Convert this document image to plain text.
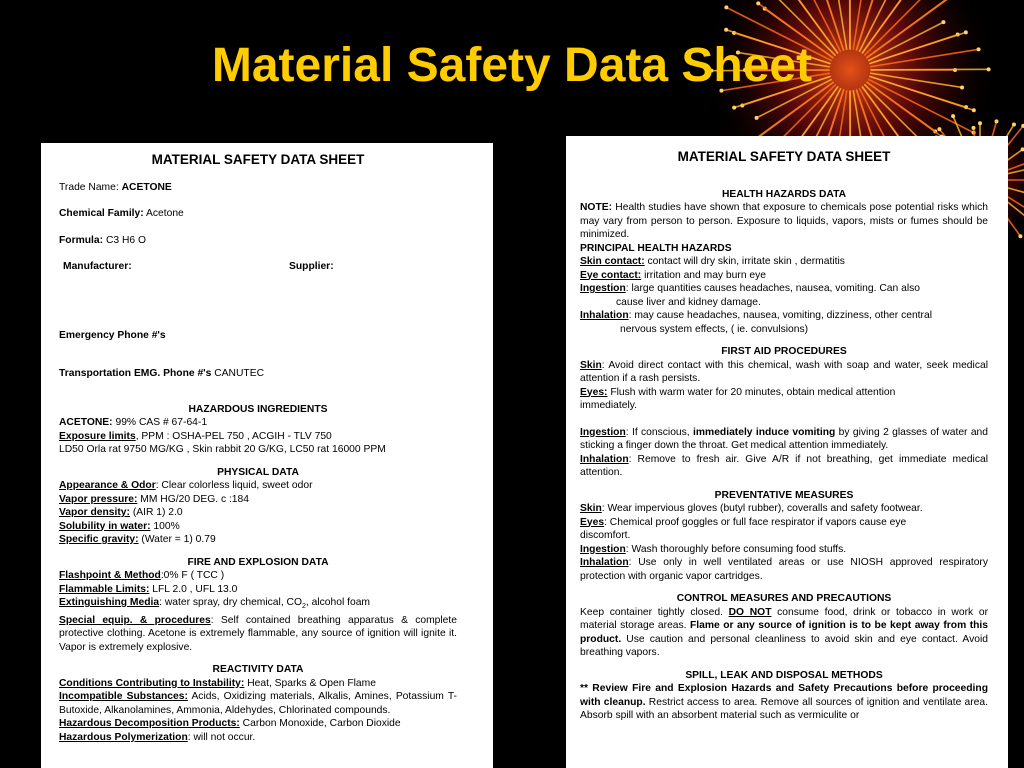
Material Safety Data Sheet
MATERIAL SAFETY DATA SHEET
Trade Name: ACETONE
Chemical Family: Acetone
Formula: C3 H6 O
Manufacturer:	Supplier:
Emergency Phone #'s
Transportation EMG. Phone #'s CANUTEC
HAZARDOUS INGREDIENTS
ACETONE: 99% CAS # 67-64-1
Exposure limits, PPM : OSHA-PEL 750 , ACGIH - TLV 750
LD50 Orla rat 9750 MG/KG , Skin rabbit 20 G/KG, LC50 rat 16000 PPM
PHYSICAL DATA
Appearance & Odor: Clear colorless liquid, sweet odor
Vapor pressure: MM HG/20 DEG. c :184
Vapor density: (AIR 1) 2.0
Solubility in water: 100%
Specific gravity: (Water = 1) 0.79
FIRE AND EXPLOSION DATA
Flashpoint & Method:0% F ( TCC )
Flammable Limits: LFL 2.0 , UFL 13.0
Extinguishing Media: water spray, dry chemical, $CO_2$, alcohol foam
Special equip. & procedures: Self contained breathing apparatus & complete protective clothing. Acetone is extremely flammable, any source of ignition will ignite it. Vapor is extremely explosive.
REACTIVITY DATA
Conditions Contributing to Instability: Heat, Sparks & Open Flame
Incompatible Substances: Acids, Oxidizing materials, Alkalis, Amines, Potassium T-Butoxide, Alkanolamines, Ammonia, Aldehydes, Chlorinated compounds.
Hazardous Decomposition Products: Carbon Monoxide, Carbon Dioxide
Hazardous Polymerization: will not occur.
MATERIAL SAFETY DATA SHEET
HEALTH HAZARDS DATA
NOTE: Health studies have shown that exposure to chemicals pose potential risks which may vary from person to person. Exposure to liquids, vapors, mists or fumes should be minimized.
PRINCIPAL HEALTH HAZARDS
Skin contact: contact will dry skin, irritate skin , dermatitis
Eye contact: irritation and may burn eye
Ingestion: large quantities causes headaches, nausea, vomiting. Can also
cause liver and kidney damage.
Inhalation: may cause headaches, nausea, vomiting, dizziness, other central
nervous system effects, ( ie. convulsions)
FIRST AID PROCEDURES
Skin: Avoid direct contact with this chemical, wash with soap and water, seek medical attention if a rash persists.
Eyes: Flush with warm water for 20 minutes, obtain medical attention immediately.
Ingestion: If conscious, immediately induce vomiting by giving 2 glasses of water and sticking a finger down the throat. Get medical attention immediately.
Inhalation: Remove to fresh air. Give A/R if not breathing, get immediate medical attention.
PREVENTATIVE MEASURES
Skin: Wear impervious gloves (butyl rubber), coveralls and safety footwear.
Eyes: Chemical proof goggles or full face respirator if vapors cause eye discomfort.
Ingestion: Wash thoroughly before consuming food stuffs.
Inhalation: Use only in well ventilated areas or use NIOSH approved respiratory protection with organic vapor cartridges.
CONTROL MEASURES AND PRECAUTIONS
Keep container tightly closed. DO NOT consume food, drink or tobacco in work or material storage areas. Flame or any source of ignition is to be kept away from this product. Use caution and personal cleanliness to avoid skin and eye contact. Avoid breathing vapors.
SPILL, LEAK AND DISPOSAL METHODS
** Review Fire and Explosion Hazards and Safety Precautions before proceeding with cleanup. Restrict access to area. Remove all sources of ignition and ventilate area. Absorb spill with an absorbent material such as vermiculite or
